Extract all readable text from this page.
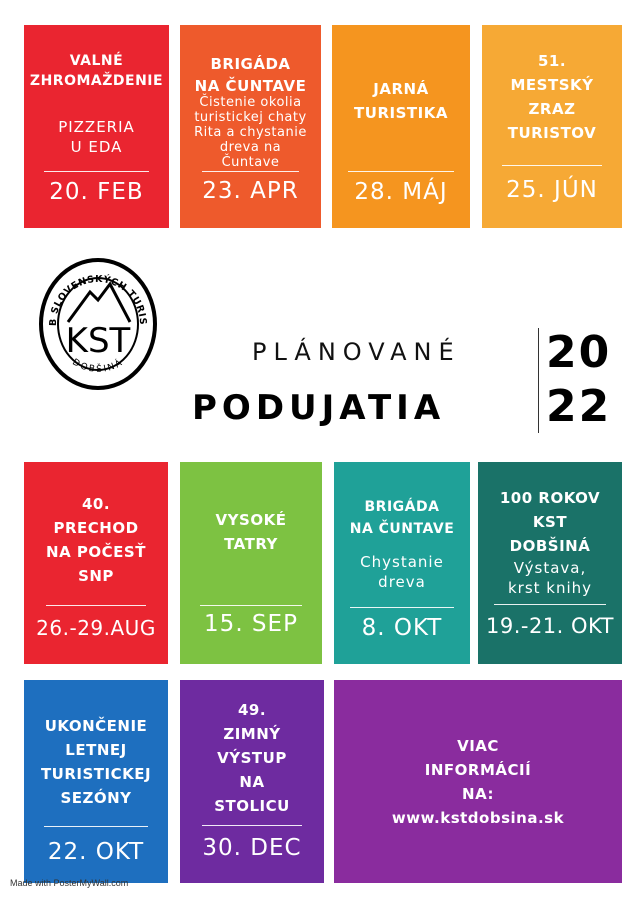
VALNÉ
ZHROMAŽDENIE
PIZZERIA
U EDA
20. FEB
BRIGÁDA
NA ČUNTAVE
Čistenie okolia
turistickej chaty
Rita a chystanie
dreva na
Čuntave
23. APR
JARNÁ
TURISTIKA
28. MÁJ
51.
MESTSKÝ
ZRAZ
TURISTOV
25. JÚN
B SLOVENSKÝCH TURIS
DOBŠINÁ
KST	PLÁNOVANÉ
PODUJATIA
20
22
40.
PRECHOD
NA POČESŤ
SNP
26.-29.AUG
VYSOKÉ
TATRY
15. SEP
BRIGÁDA
NA ČUNTAVE
Chystanie
dreva
8. OKT
100 ROKOV
KST
DOBŠINÁ
Výstava,
krst knihy
19.-21. OKT
UKONČENIE
LETNEJ
TURISTICKEJ
SEZÓNY
22. OKT
49.
ZIMNÝ
VÝSTUP
NA
STOLICU
30. DEC
VIAC
INFORMÁCIÍ
NA:
www.kstdobsina.sk
Made with PosterMyWall.com
